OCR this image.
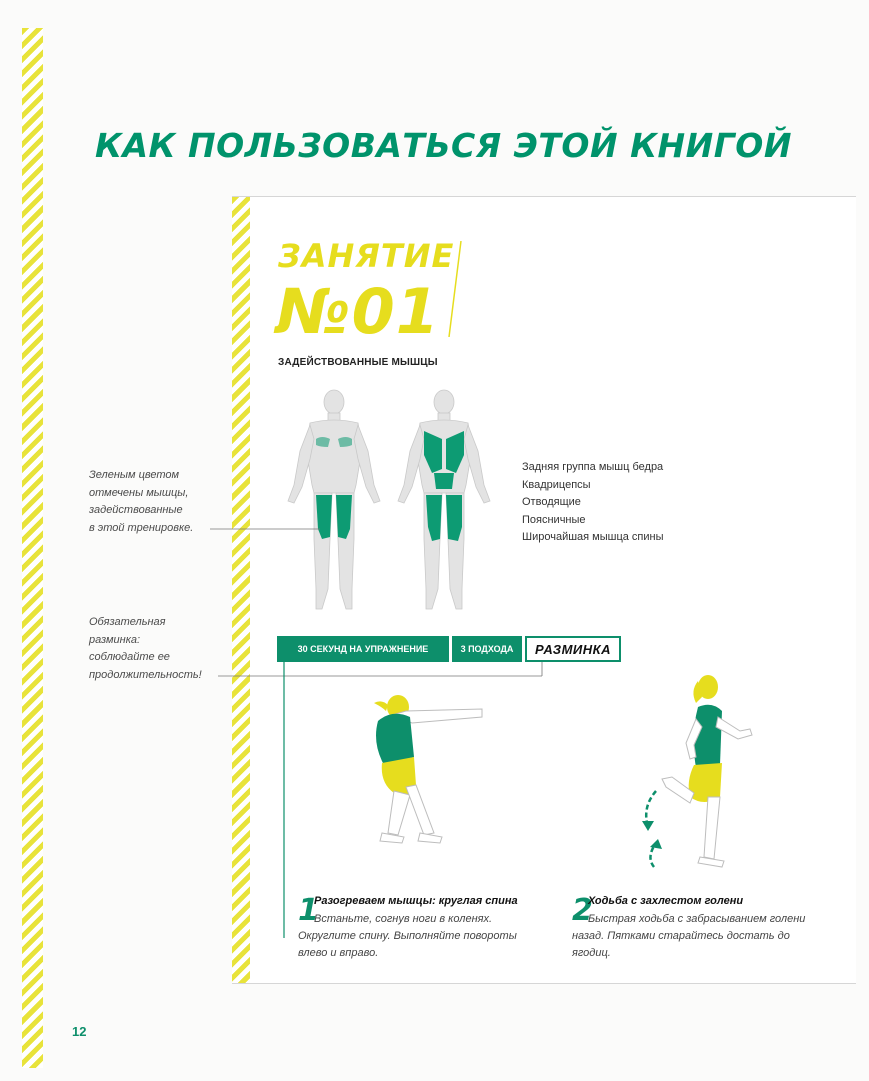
КАК ПОЛЬЗОВАТЬСЯ ЭТОЙ КНИГОЙ
ЗАНЯТИЕ
№01
ЗАДЕЙСТВОВАННЫЕ МЫШЦЫ
Задняя группа мышц бедра
Квадрицепсы
Отводящие
Поясничные
Широчайшая мышца спины
Зеленым цветом
отмечены мышцы,
задействованные
в этой тренировке.
Обязательная
разминка:
соблюдайте ее
продолжительность!
30 СЕКУНД НА УПРАЖНЕНИЕ	3 ПОДХОДА	РАЗМИНКА
1
Разогреваем мышцы: круглая спина
Встаньте, согнув ноги в коленях. Округлите спину. Выполняйте повороты влево и вправо.
2
Ходьба с захлестом голени
Быстрая ходьба с забрасыванием голени назад. Пятками старайтесь достать до ягодиц.
12
